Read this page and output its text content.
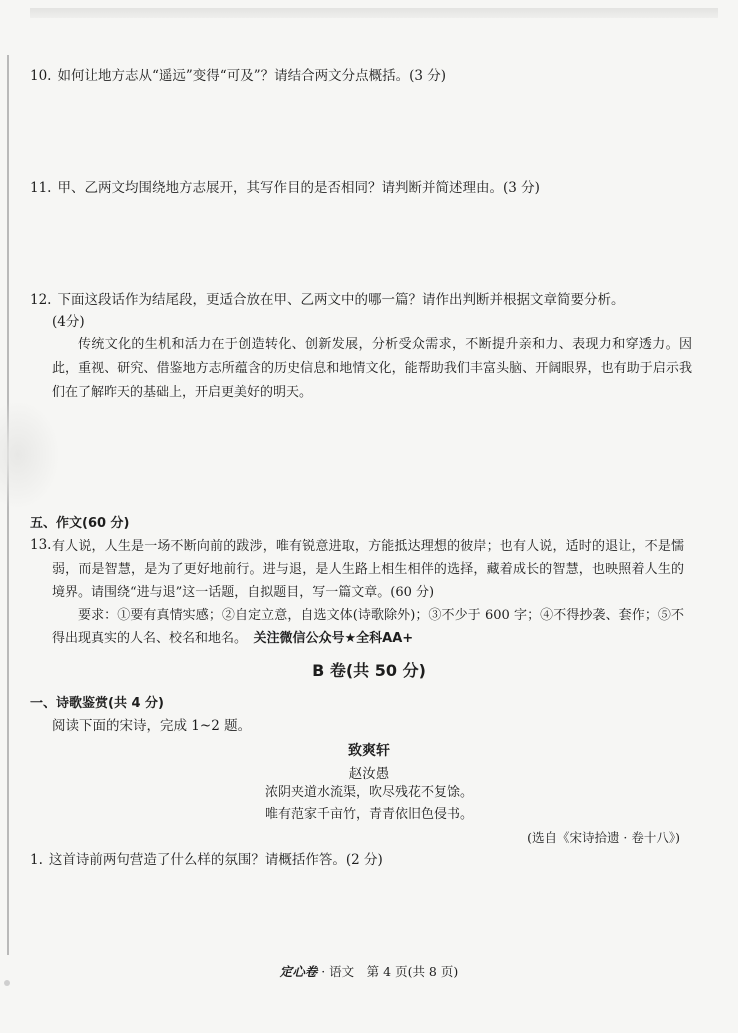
10. 如何让地方志从“遥远”变得“可及”？请结合两文分点概括。(3 分)
11. 甲、乙两文均围绕地方志展开，其写作目的是否相同？请判断并简述理由。(3 分)
12. 下面这段话作为结尾段，更适合放在甲、乙两文中的哪一篇？请作出判断并根据文章简要分析。
(4分)

传统文化的生机和活力在于创造转化、创新发展，分析受众需求，不断提升亲和力、表现力和穿透力。因此，重视、研究、借鉴地方志所蕴含的历史信息和地情文化，能帮助我们丰富头脑、开阔眼界，也有助于启示我们在了解昨天的基础上，开启更美好的明天。

五、作文(60 分)
13. 有人说，人生是一场不断向前的跋涉，唯有锐意进取，方能抵达理想的彼岸；也有人说，适时的退让，不是懦弱，而是智慧，是为了更好地前行。进与退，是人生路上相生相伴的选择，藏着成长的智慧，也映照着人生的境界。请围绕“进与退”这一话题，自拟题目，写一篇文章。(60 分)

要求：①要有真情实感；②自定立意，自选文体(诗歌除外)；③不少于 600 字；④不得抄袭、套作；⑤不得出现真实的人名、校名和地名。　 关注微信公众号★全科AA+

B 卷(共 50 分)
一、诗歌鉴赏(共 4 分)
阅读下面的宋诗，完成 1~2 题。
致爽轩
赵汝愚
浓阴夹道水流渠，吹尽残花不复馀。
唯有范家千亩竹，青青依旧色侵书。
(选自《宋诗拾遗 · 卷十八》)
1. 这首诗前两句营造了什么样的氛围？请概括作答。(2 分)
定心卷 · 语文　第 4 页(共 8 页)
